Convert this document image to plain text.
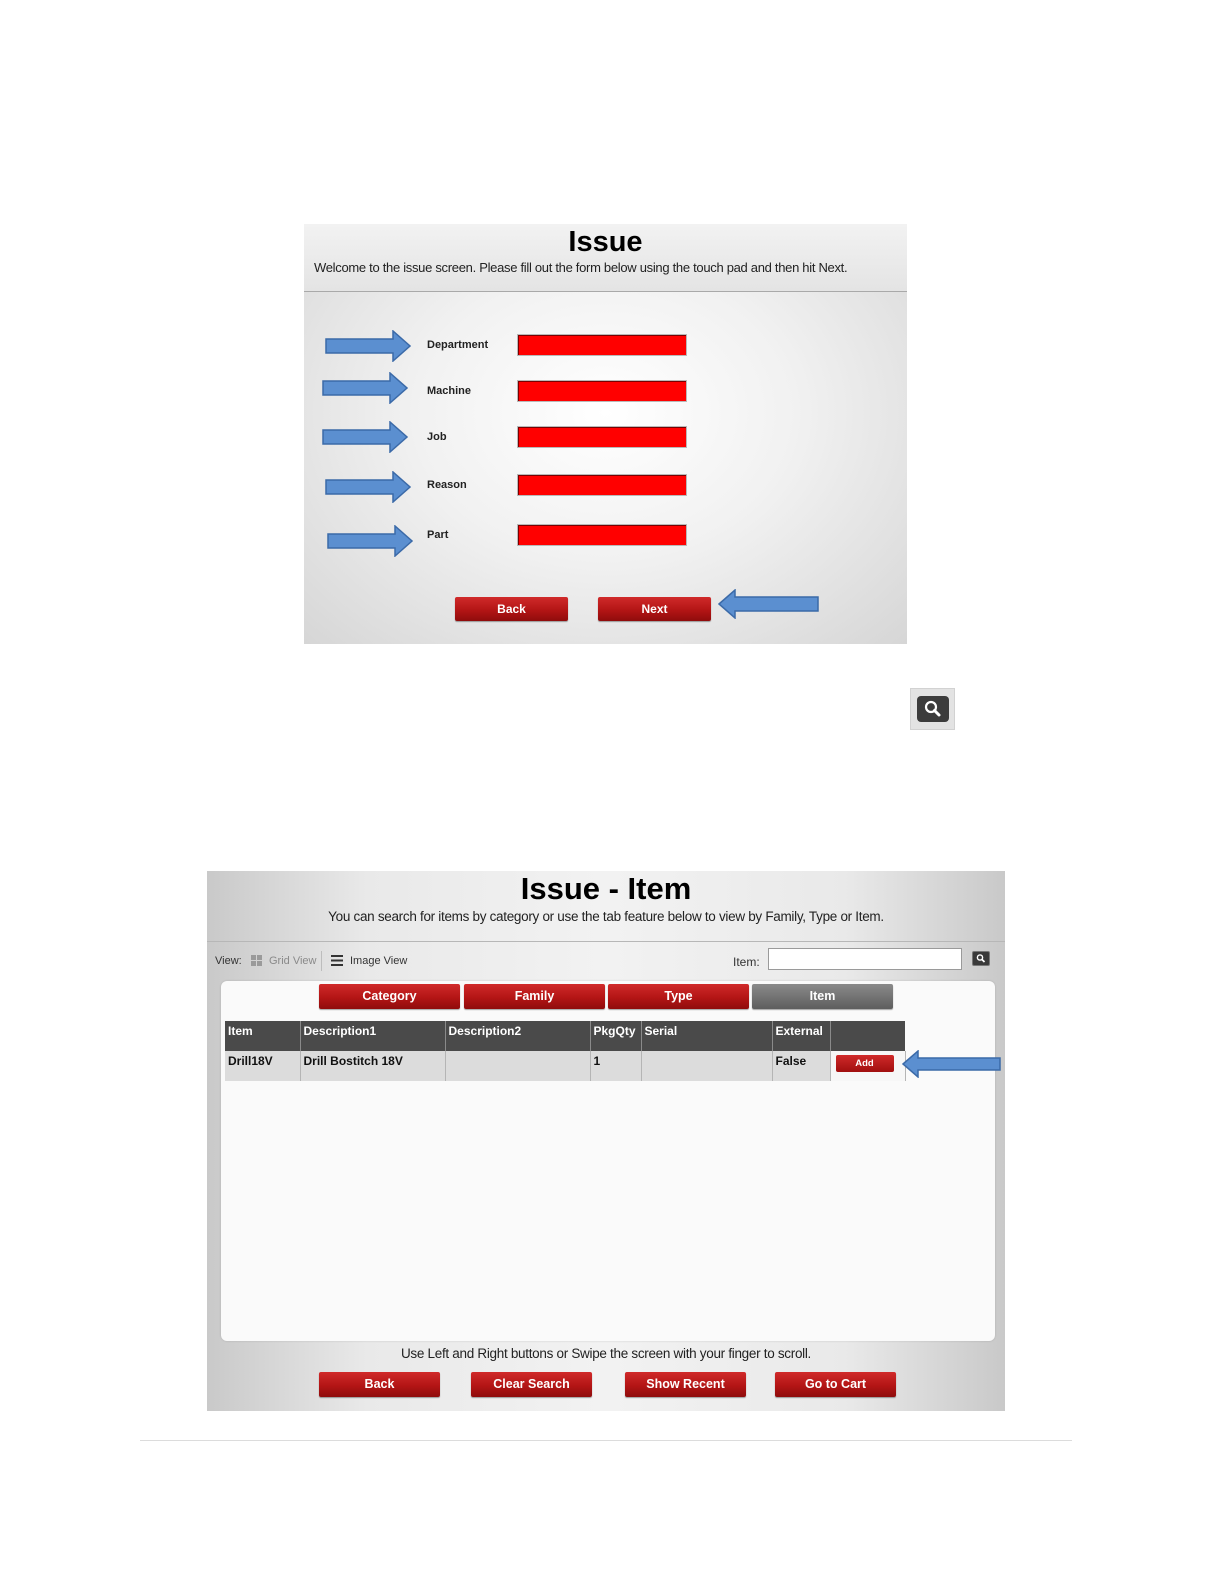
Issue
Welcome to the issue screen. Please fill out the form below using the touch pad and then hit Next.
Department
Machine
Job
Reason
Part
Back	Next
Issue - Item
You can search for items by category or use the tab feature below to view by Family, Type or Item.
View: Grid View	Image View	Item:
Category	Family	Type	Item
Item	Description1	Description2	PkgQty	Serial	External	
Drill18V	Drill Bostitch 18V		1		False	Add
Use Left and Right buttons or Swipe the screen with your finger to scroll.
Back	Clear Search	Show Recent	Go to Cart
